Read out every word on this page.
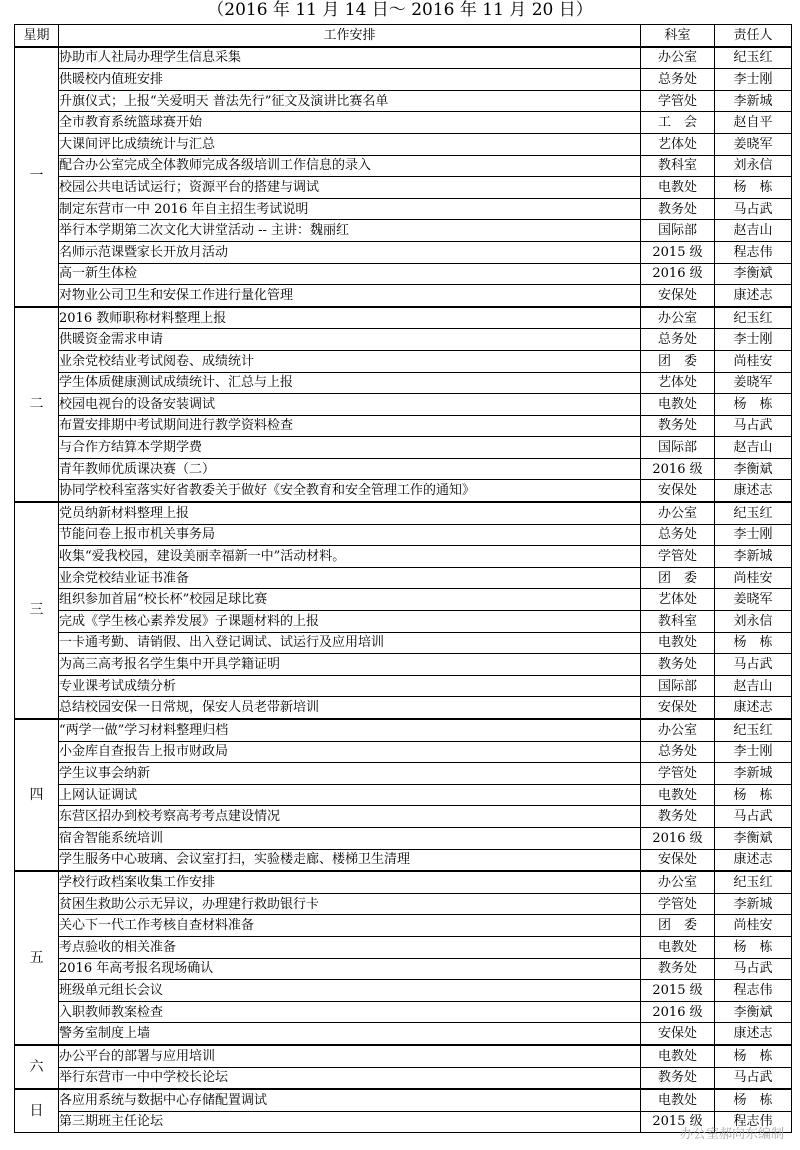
（2016 年 11 月 14 日～ 2016 年 11 月 20 日）
星期	工作安排	科室	责任人
一	协助市人社局办理学生信息采集	办公室	纪玉红
	供暖校内值班安排	总务处	李士刚
	升旗仪式；上报“关爱明天 普法先行”征文及演讲比赛名单	学管处	李新城
	全市教育系统篮球赛开始	工　会	赵自平
	大课间评比成绩统计与汇总	艺体处	姜晓军
	配合办公室完成全体教师完成各级培训工作信息的录入	教科室	刘永信
	校园公共电话试运行；资源平台的搭建与调试	电教处	杨　栋
	制定东营市一中 2016 年自主招生考试说明	教务处	马占武
	举行本学期第二次文化大讲堂活动 -- 主讲：魏丽红	国际部	赵吉山
	名师示范课暨家长开放月活动	2015 级	程志伟
	高一新生体检	2016 级	李衡斌
	对物业公司卫生和安保工作进行量化管理	安保处	康述志
二	2016 教师职称材料整理上报	办公室	纪玉红
	供暖资金需求申请	总务处	李士刚
	业余党校结业考试阅卷、成绩统计	团　委	尚桂安
	学生体质健康测试成绩统计、汇总与上报	艺体处	姜晓军
	校园电视台的设备安装调试	电教处	杨　栋
	布置安排期中考试期间进行教学资料检查	教务处	马占武
	与合作方结算本学期学费	国际部	赵吉山
	青年教师优质课决赛（二）	2016 级	李衡斌
	协同学校科室落实好省教委关于做好《安全教育和安全管理工作的通知》	安保处	康述志
三	党员纳新材料整理上报	办公室	纪玉红
	节能问卷上报市机关事务局	总务处	李士刚
	收集“爱我校园，建设美丽幸福新一中”活动材料。	学管处	李新城
	业余党校结业证书准备	团　委	尚桂安
	组织参加首届“校长杯”校园足球比赛	艺体处	姜晓军
	完成《学生核心素养发展》子课题材料的上报	教科室	刘永信
	一卡通考勤、请销假、出入登记调试、试运行及应用培训	电教处	杨　栋
	为高三高考报名学生集中开具学籍证明	教务处	马占武
	专业课考试成绩分析	国际部	赵吉山
	总结校园安保一日常规，保安人员老带新培训	安保处	康述志
四	“两学一做”学习材料整理归档	办公室	纪玉红
	小金库自查报告上报市财政局	总务处	李士刚
	学生议事会纳新	学管处	李新城
	上网认证调试	电教处	杨　栋
	东营区招办到校考察高考考点建设情况	教务处	马占武
	宿舍智能系统培训	2016 级	李衡斌
	学生服务中心玻璃、会议室打扫，实验楼走廊、楼梯卫生清理	安保处	康述志
五	学校行政档案收集工作安排	办公室	纪玉红
	贫困生救助公示无异议，办理建行救助银行卡	学管处	李新城
	关心下一代工作考核自查材料准备	团　委	尚桂安
	考点验收的相关准备	电教处	杨　栋
	2016 年高考报名现场确认	教务处	马占武
	班级单元组长会议	2015 级	程志伟
	入职教师教案检查	2016 级	李衡斌
	警务室制度上墙	安保处	康述志
六	办公平台的部署与应用培训	电教处	杨　栋
	举行东营市一中中学校长论坛	教务处	马占武
日	各应用系统与数据中心存储配置调试	电教处	杨　栋
	第三期班主任论坛	2015 级	程志伟
办公室郝向东编制
